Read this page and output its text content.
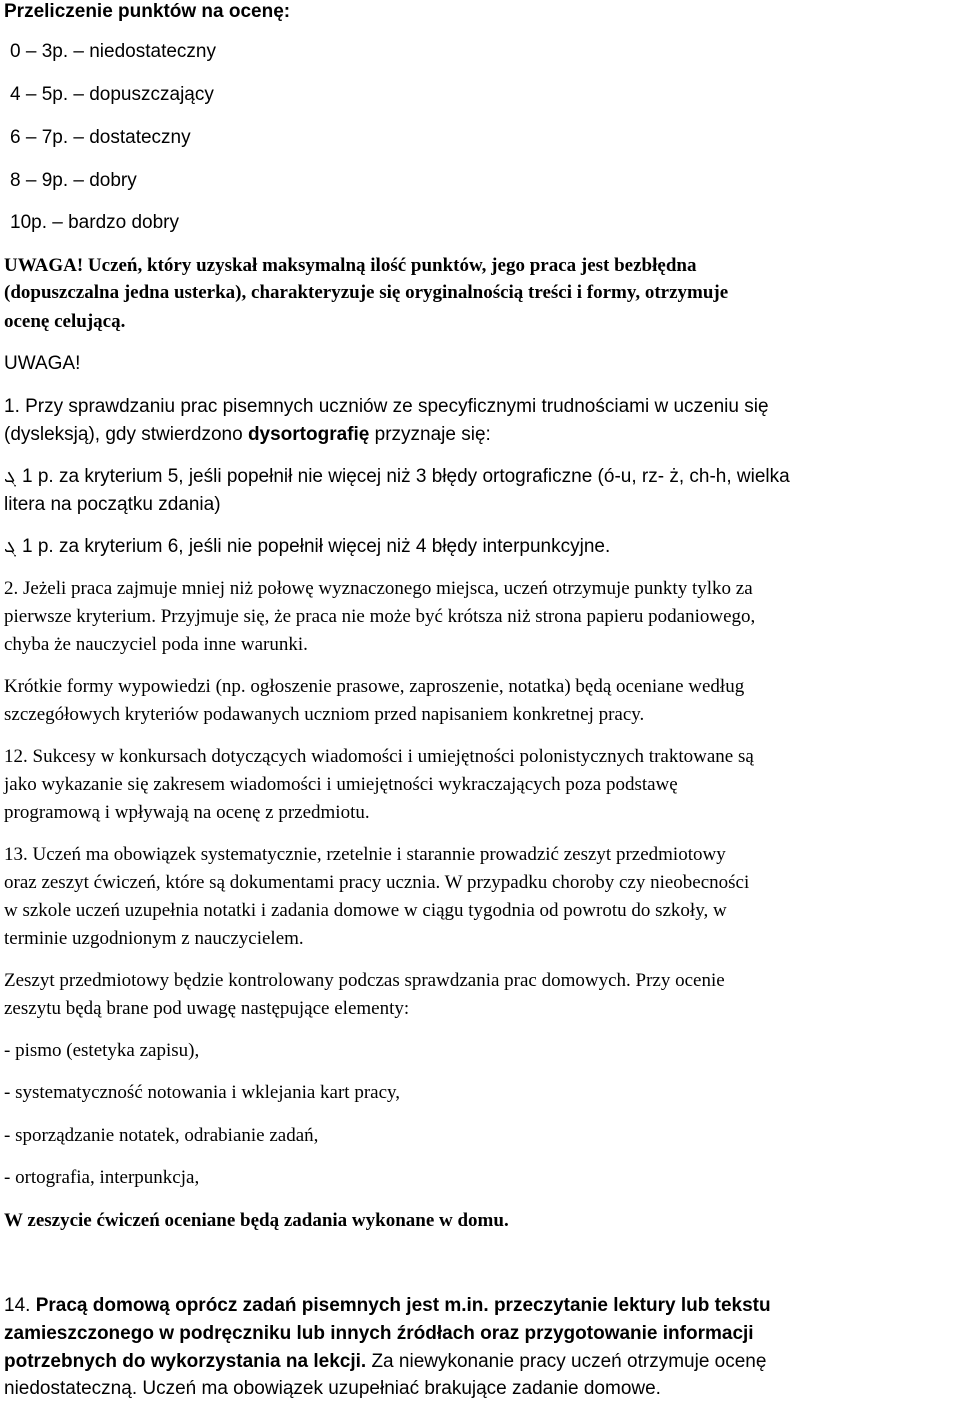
Przeliczenie punktów na ocenę:
0 – 3p. – niedostateczny
4 – 5p. – dopuszczający
6 – 7p. – dostateczny
8 – 9p. – dobry
10p. – bardzo dobry
UWAGA! Uczeń, który uzyskał maksymalną ilość punktów, jego praca jest bezbłędna
(dopuszczalna jedna usterka), charakteryzuje się oryginalnością treści i formy, otrzymuje
ocenę celującą.
UWAGA!
1. Przy sprawdzaniu prac pisemnych uczniów ze specyficznymi trudnościami w uczeniu się
(dysleksją), gdy stwierdzono dysortografię przyznaje się:
ܓ 1 p. za kryterium 5, jeśli popełnił nie więcej niż 3 błędy ortograficzne (ó-u, rz- ż, ch-h, wielka
litera na początku zdania)
ܓ 1 p. za kryterium 6, jeśli nie popełnił więcej niż 4 błędy interpunkcyjne.
2. Jeżeli praca zajmuje mniej niż połowę wyznaczonego miejsca, uczeń otrzymuje punkty tylko za
pierwsze kryterium. Przyjmuje się, że praca nie może być krótsza niż strona papieru podaniowego,
chyba że nauczyciel poda inne warunki.
Krótkie formy wypowiedzi (np. ogłoszenie prasowe, zaproszenie, notatka) będą oceniane według
szczegółowych kryteriów podawanych uczniom przed napisaniem konkretnej pracy.
12. Sukcesy w konkursach dotyczących wiadomości i umiejętności polonistycznych traktowane są
jako wykazanie się zakresem wiadomości i umiejętności wykraczających poza podstawę
programową i wpływają na ocenę z przedmiotu.
13. Uczeń ma obowiązek systematycznie, rzetelnie i starannie prowadzić zeszyt przedmiotowy
oraz zeszyt ćwiczeń, które są dokumentami pracy ucznia. W przypadku choroby czy nieobecności
w szkole uczeń uzupełnia notatki i zadania domowe w ciągu tygodnia od powrotu do szkoły, w
terminie uzgodnionym z nauczycielem.
Zeszyt przedmiotowy będzie kontrolowany podczas sprawdzania prac domowych. Przy ocenie
zeszytu będą brane pod uwagę następujące elementy:
- pismo (estetyka zapisu),
- systematyczność notowania i wklejania kart pracy,
- sporządzanie notatek, odrabianie zadań,
- ortografia, interpunkcja,
W zeszycie ćwiczeń oceniane będą zadania wykonane w domu.
14. Pracą domową oprócz zadań pisemnych jest m.in. przeczytanie lektury lub tekstu
zamieszczonego w podręczniku lub innych źródłach oraz przygotowanie informacji
potrzebnych do wykorzystania na lekcji. Za niewykonanie pracy uczeń otrzymuje ocenę
niedostateczną. Uczeń ma obowiązek uzupełniać brakujące zadanie domowe.
